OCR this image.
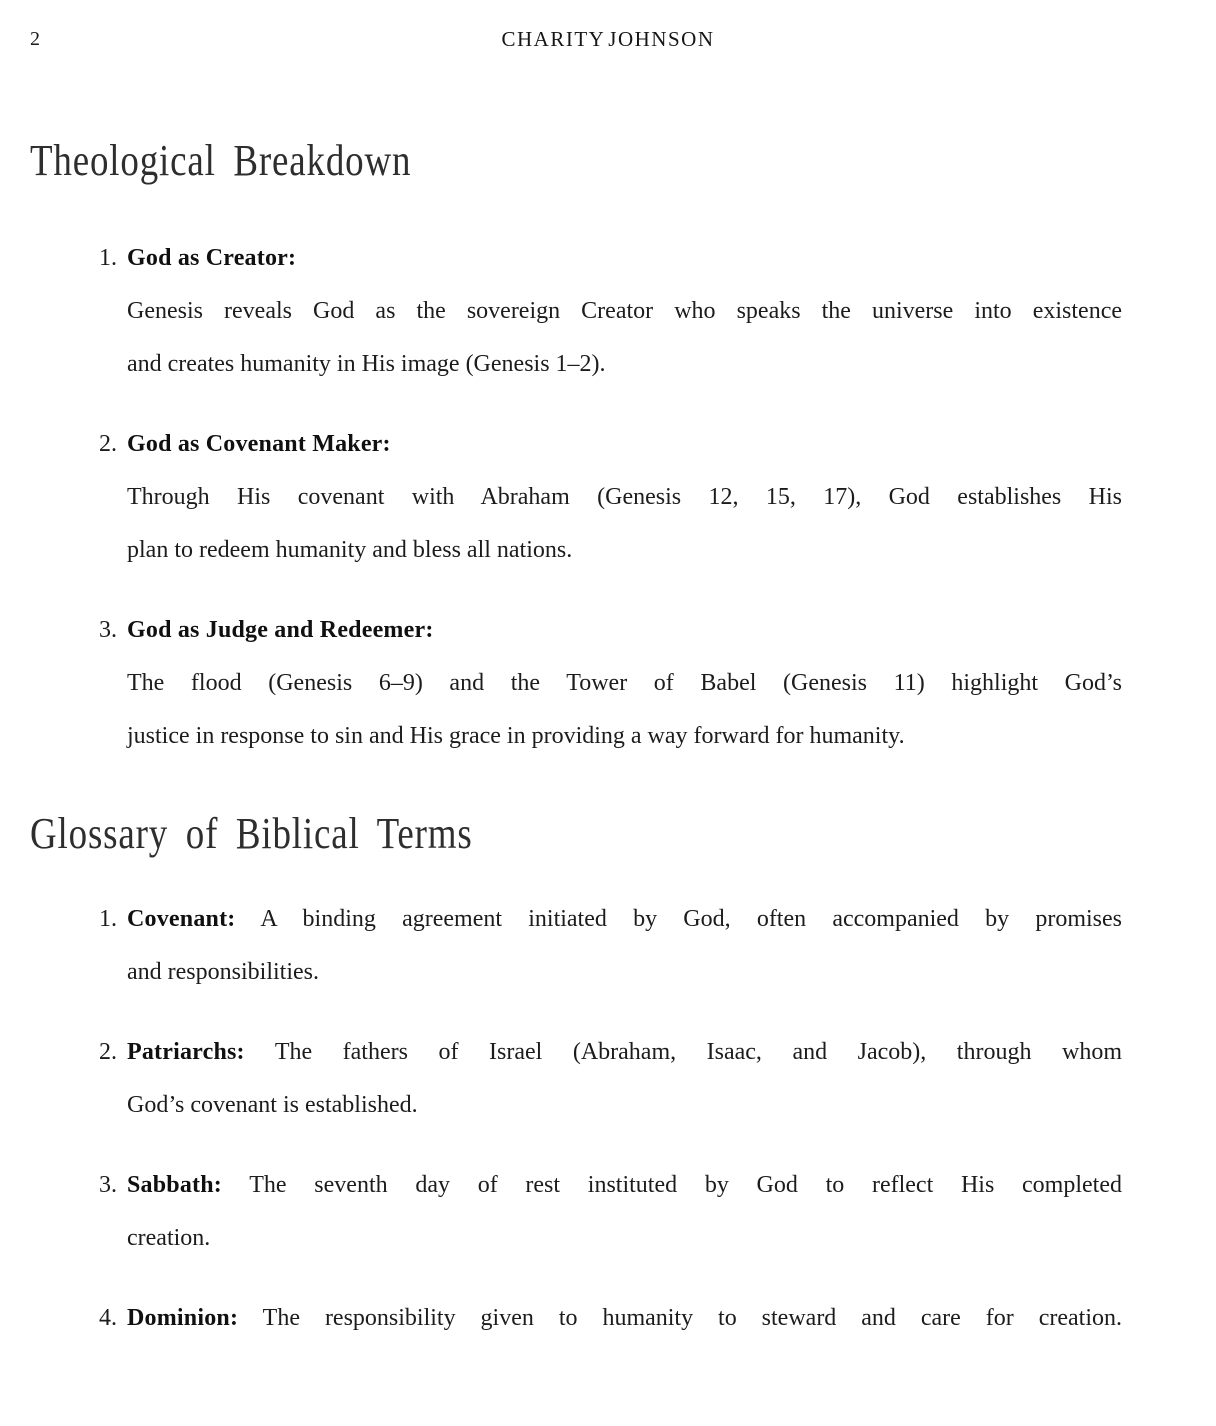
2	CHARITY JOHNSON
Theological Breakdown
1. God as Creator:
Genesis reveals God as the sovereign Creator who speaks the universe into existence
and creates humanity in His image (Genesis 1–2).
2. God as Covenant Maker:
Through His covenant with Abraham (Genesis 12, 15, 17), God establishes His
plan to redeem humanity and bless all nations.
3. God as Judge and Redeemer:
The flood (Genesis 6–9) and the Tower of Babel (Genesis 11) highlight God’s
justice in response to sin and His grace in providing a way forward for humanity.
Glossary of Biblical Terms
1. Covenant: A binding agreement initiated by God, often accompanied by promises
and responsibilities.
2. Patriarchs: The fathers of Israel (Abraham, Isaac, and Jacob), through whom
God’s covenant is established.
3. Sabbath: The seventh day of rest instituted by God to reflect His completed
creation.
4. Dominion: The responsibility given to humanity to steward and care for creation.
